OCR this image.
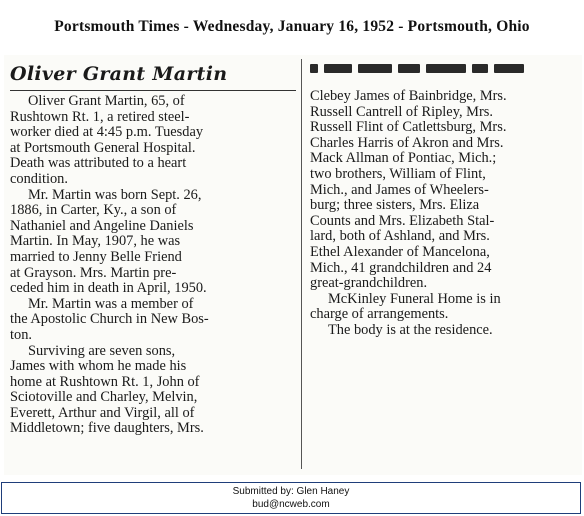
Portsmouth Times - Wednesday, January 16, 1952 - Portsmouth, Ohio
Oliver Grant Martin
Oliver Grant Martin, 65, of
Rushtown Rt. 1, a retired steel-
worker died at 4:45 p.m. Tuesday
at Portsmouth General Hospital.
Death was attributed to a heart
condition.
Mr. Martin was born Sept. 26,
1886, in Carter, Ky., a son of
Nathaniel and Angeline Daniels
Martin. In May, 1907, he was
married to Jenny Belle Friend
at Grayson. Mrs. Martin pre-
ceded him in death in April, 1950.
Mr. Martin was a member of
the Apostolic Church in New Bos-
ton.
Surviving are seven sons,
James with whom he made his
home at Rushtown Rt. 1, John of
Sciotoville and Charley, Melvin,
Everett, Arthur and Virgil, all of
Middletown; five daughters, Mrs.
Clebey James of Bainbridge, Mrs.
Russell Cantrell of Ripley, Mrs.
Russell Flint of Catlettsburg, Mrs.
Charles Harris of Akron and Mrs.
Mack Allman of Pontiac, Mich.;
two brothers, William of Flint,
Mich., and James of Wheelers-
burg; three sisters, Mrs. Eliza
Counts and Mrs. Elizabeth Stal-
lard, both of Ashland, and Mrs.
Ethel Alexander of Mancelona,
Mich., 41 grandchildren and 24
great-grandchildren.
McKinley Funeral Home is in
charge of arrangements.
The body is at the residence.
Submitted by: Glen Haney
bud@ncweb.com
